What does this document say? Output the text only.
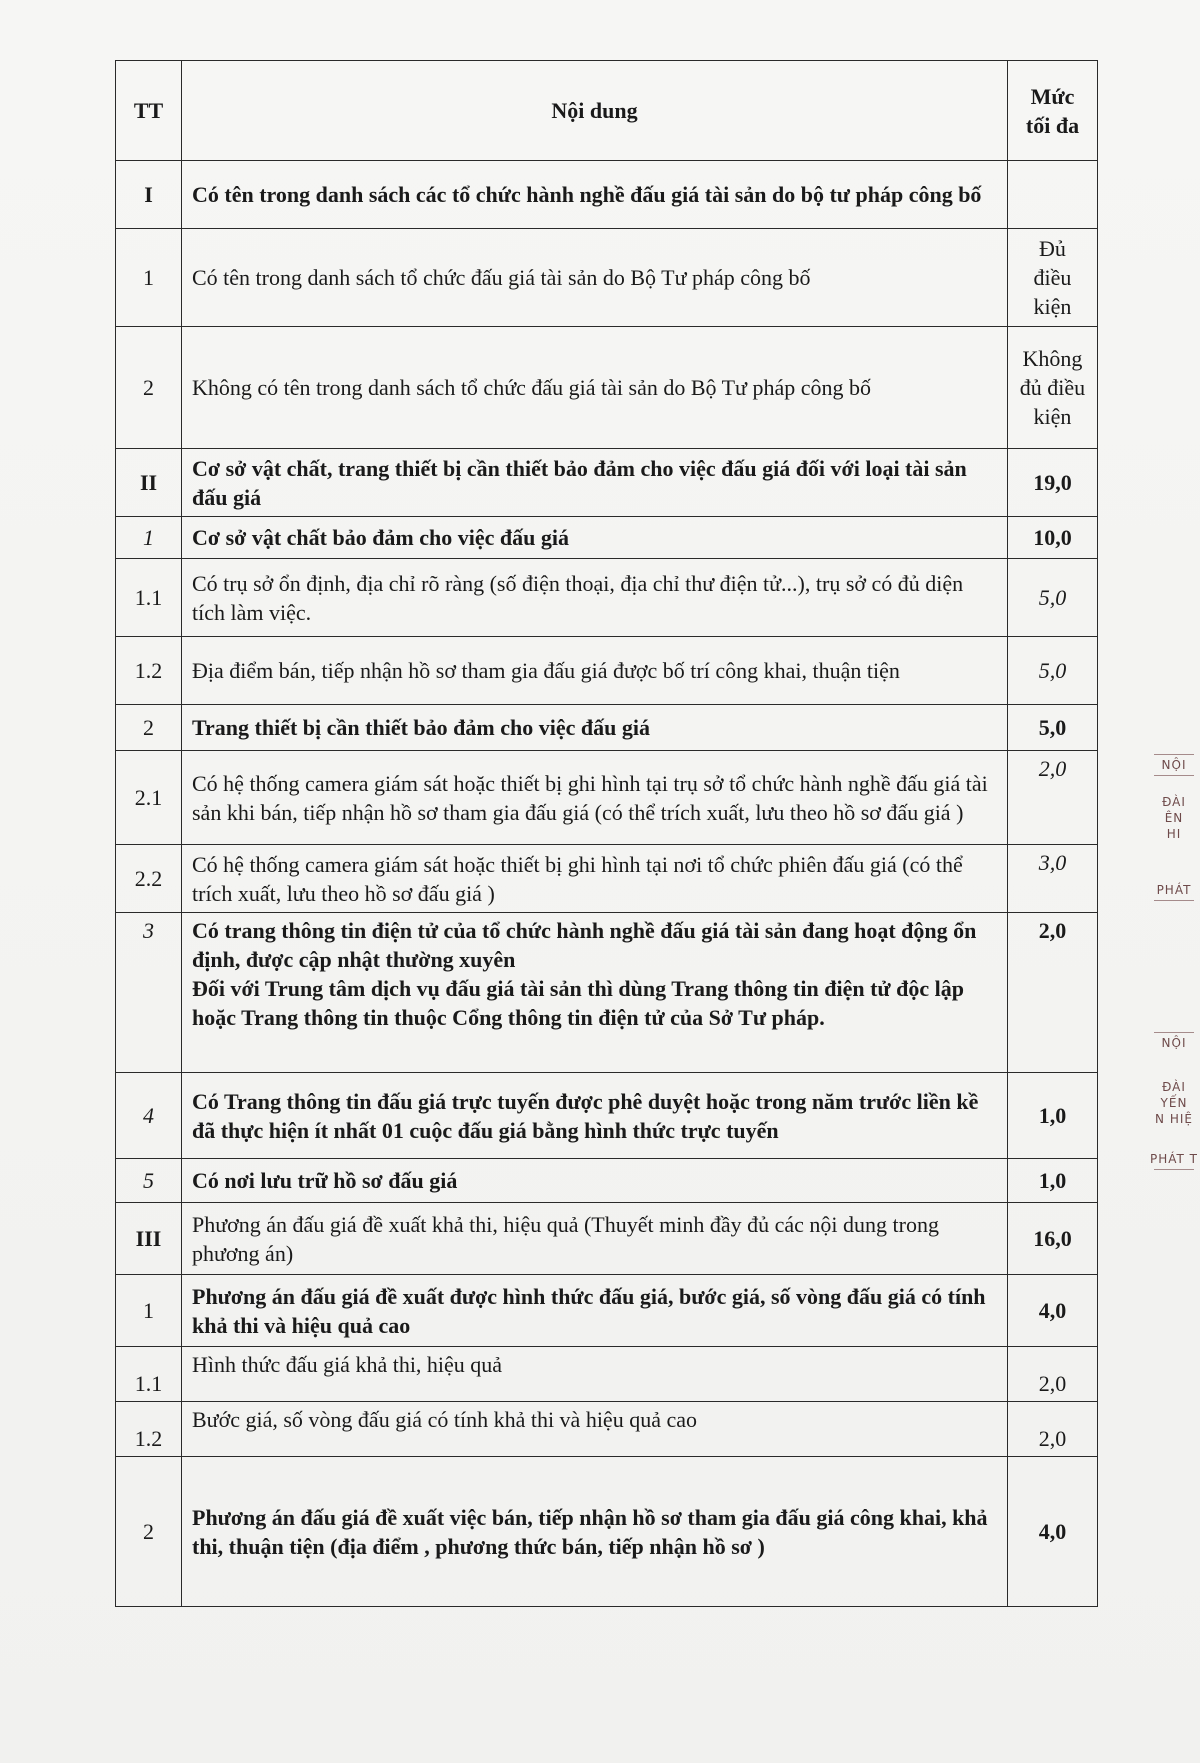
TT	Nội dung	Mức tối đa
I	Có tên trong danh sách các tổ chức hành nghề đấu giá tài sản do bộ tư pháp công bố	
1	Có tên trong danh sách tổ chức đấu giá tài sản do Bộ Tư pháp công bố	Đủ điều kiện
2	Không có tên trong danh sách tổ chức đấu giá tài sản do Bộ Tư pháp công bố	Không đủ điều kiện
II	Cơ sở vật chất, trang thiết bị cần thiết bảo đảm cho việc đấu giá đối với loại tài sản đấu giá	19,0
1	Cơ sở vật chất bảo đảm cho việc đấu giá	10,0
1.1	Có trụ sở ổn định, địa chỉ rõ ràng (số điện thoại, địa chỉ thư điện tử...), trụ sở có đủ diện tích làm việc.	5,0
1.2	Địa điểm bán, tiếp nhận hồ sơ tham gia đấu giá được bố trí công khai, thuận tiện	5,0
2	Trang thiết bị cần thiết bảo đảm cho việc đấu giá	5,0
2.1	Có hệ thống camera giám sát hoặc thiết bị ghi hình tại trụ sở tổ chức hành nghề đấu giá tài sản khi bán, tiếp nhận hồ sơ tham gia đấu giá (có thể trích xuất, lưu theo hồ sơ đấu giá )	2,0
2.2	Có hệ thống camera giám sát hoặc thiết bị ghi hình tại nơi tổ chức phiên đấu giá (có thể trích xuất, lưu theo hồ sơ đấu giá )	3,0
3	Có trang thông tin điện tử của tổ chức hành nghề đấu giá tài sản đang hoạt động ổn định, được cập nhật thường xuyên
Đối với Trung tâm dịch vụ đấu giá tài sản thì dùng Trang thông tin điện tử độc lập hoặc Trang thông tin thuộc Cổng thông tin điện tử của Sở Tư pháp.	2,0
4	Có Trang thông tin đấu giá trực tuyến được phê duyệt hoặc trong năm trước liền kề đã thực hiện ít nhất 01 cuộc đấu giá bằng hình thức trực tuyến	1,0
5	Có nơi lưu trữ hồ sơ đấu giá	1,0
III	Phương án đấu giá đề xuất khả thi, hiệu quả (Thuyết minh đầy đủ các nội dung trong phương án)	16,0
1	Phương án đấu giá đề xuất được hình thức đấu giá, bước giá, số vòng đấu giá có tính khả thi và hiệu quả cao	4,0
1.1	Hình thức đấu giá khả thi, hiệu quả	2,0
1.2	Bước giá, số vòng đấu giá có tính khả thi và hiệu quả cao	2,0
2	Phương án đấu giá đề xuất việc bán, tiếp nhận hồ sơ tham gia đấu giá công khai, khả thi, thuận tiện (địa điểm , phương thức bán, tiếp nhận hồ sơ )	4,0
NỘI
ĐÀI
ÊN
HI
PHÁT
NỘI
ĐÀI
YẾN
N HIỆ
PHÁT T
